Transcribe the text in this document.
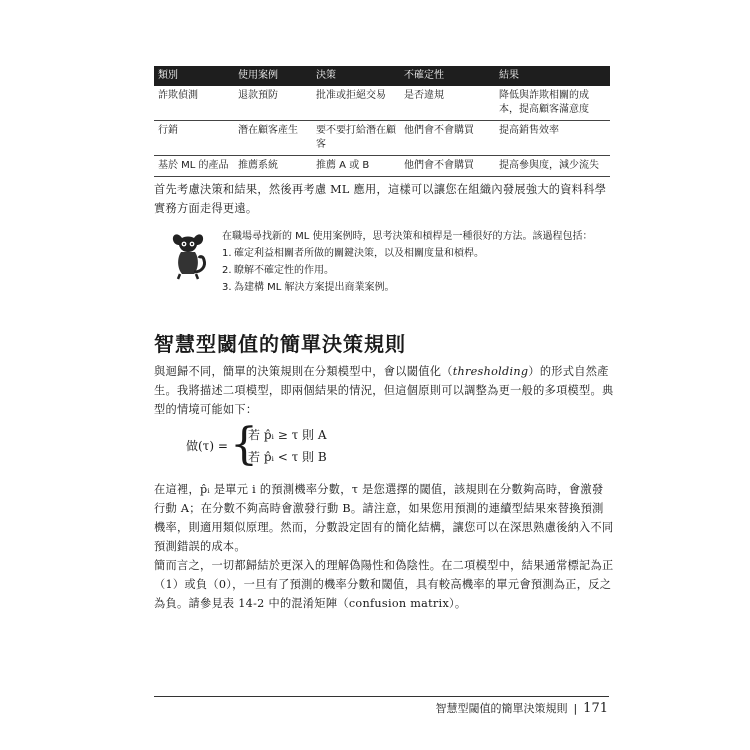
類別	使用案例	決策	不確定性	結果
詐欺偵測	退款預防	批准或拒絕交易	是否違規	降低與詐欺相關的成本，提高顧客滿意度
行銷	潛在顧客產生	要不要打給潛在顧客	他們會不會購買	提高銷售效率
基於 ML 的產品	推薦系統	推薦 A 或 B	他們會不會購買	提高參與度，減少流失

首先考慮決策和結果，然後再考慮 ML 應用，這樣可以讓您在組織內發展強大的資料科學實務方面走得更遠。

在職場尋找新的 ML 使用案例時，思考決策和槓桿是一種很好的方法。該過程包括：

1. 確定利益相關者所做的關鍵決策，以及相關度量和槓桿。
2. 瞭解不確定性的作用。
3. 為建構 ML 解決方案提出商業案例。
智慧型閾值的簡單決策規則

與迴歸不同，簡單的決策規則在分類模型中，會以閾值化（thresholding）的形式自然產生。我將描述二項模型，即兩個結果的情況，但這個原則可以調整為更一般的多項模型。典型的情境可能如下：

做(τ) = {
若 p̂ᵢ ≥ τ 則 A
若 p̂ᵢ < τ 則 B

在這裡，p̂ᵢ 是單元 i 的預測機率分數，τ 是您選擇的閾值，該規則在分數夠高時，會激發行動 A；在分數不夠高時會激發行動 B。請注意，如果您用預測的連續型結果來替換預測機率，則適用類似原理。然而，分數設定固有的簡化結構，讓您可以在深思熟慮後納入不同預測錯誤的成本。

簡而言之，一切都歸結於更深入的理解偽陽性和偽陰性。在二項模型中，結果通常標記為正（1）或負（0），一旦有了預測的機率分數和閾值，具有較高機率的單元會預測為正，反之為負。請參見表 14-2 中的混淆矩陣（confusion matrix）。

智慧型閾值的簡單決策規則 | 171
